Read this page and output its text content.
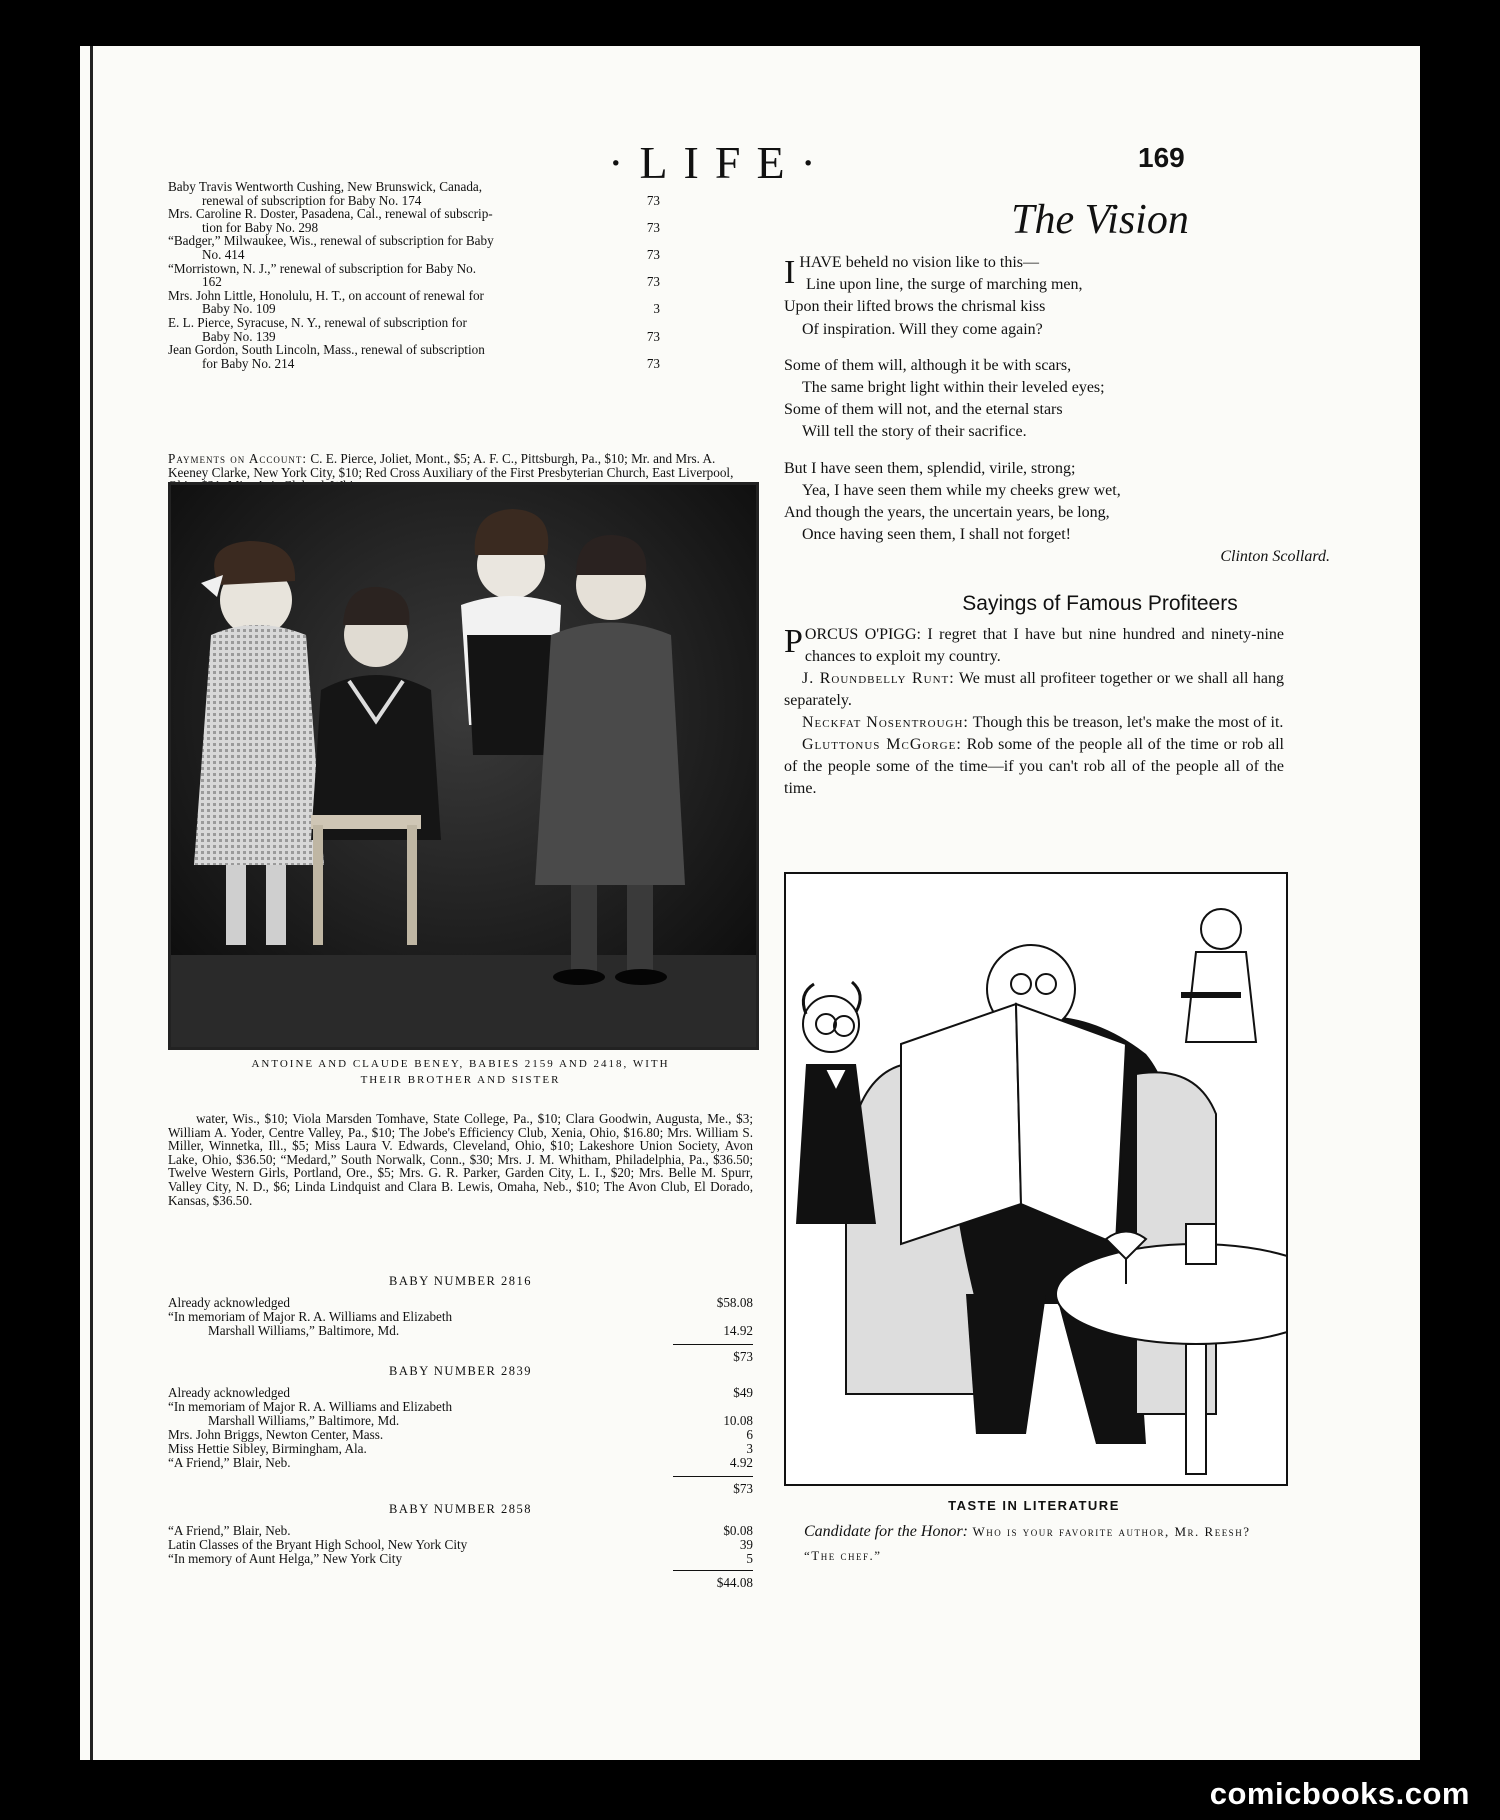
·LIFE·	169
Baby Travis Wentworth Cushing, New Brunswick, Canada,
renewal of subscription for Baby No. 174	73
Mrs. Caroline R. Doster, Pasadena, Cal., renewal of subscrip-
tion for Baby No. 298	73
“Badger,” Milwaukee, Wis., renewal of subscription for Baby
No. 414	73
“Morristown, N. J.,” renewal of subscription for Baby No.
162	73
Mrs. John Little, Honolulu, H. T., on account of renewal for
Baby No. 109	3
E. L. Pierce, Syracuse, N. Y., renewal of subscription for
Baby No. 139	73
Jean Gordon, South Lincoln, Mass., renewal of subscription
for Baby No. 214	73
Payments on Account: C. E. Pierce, Joliet, Mont., $5; A. F. C., Pittsburgh, Pa., $10; Mr. and Mrs. A. Keeney Clarke, New York City, $10; Red Cross Auxiliary of the First Presbyterian Church, East Liverpool,
ANTOINE AND CLAUDE BENEY, BABIES 2159 AND 2418, WITH
THEIR BROTHER AND SISTER
water, Wis., $10; Viola Marsden Tomhave, State College, Pa., $10; Clara Goodwin, Augusta, Me., $3; William A. Yoder, Centre Valley, Pa., $10; The Jobe's Efficiency Club, Xenia, Ohio, $16.80; Mrs. William S. Miller, Winnetka, Ill., $5; Miss Laura V. Edwards, Cleveland, Ohio, $10; Lakeshore Union Society, Avon Lake, Ohio, $36.50; “Medard,” South Norwalk, Conn., $30; Mrs. J. M. Whitham, Philadelphia, Pa., $36.50; Twelve Western Girls, Portland, Ore., $5; Mrs. G. R. Parker, Garden City, L. I., $20; Mrs. Belle M. Spurr, Valley City, N. D., $6; Linda Lindquist and Clara B. Lewis, Omaha, Neb., $10; The Avon Club, El Dorado, Kansas, $36.50.
BABY NUMBER 2816
Already acknowledged	$58.08
“In memoriam of Major R. A. Williams and Elizabeth
Marshall Williams,” Baltimore, Md.	14.92
$73
BABY NUMBER 2839
Already acknowledged	$49
“In memoriam of Major R. A. Williams and Elizabeth
Marshall Williams,” Baltimore, Md.	10.08
Mrs. John Briggs, Newton Center, Mass.	6
Miss Hettie Sibley, Birmingham, Ala.	3
“A Friend,” Blair, Neb.	4.92
$73
BABY NUMBER 2858
“A Friend,” Blair, Neb.	$0.08
Latin Classes of the Bryant High School, New York City	39
“In memory of Aunt Helga,” New York City	5
$44.08
The Vision
IHAVE beheld no vision like to this—
Line upon line, the surge of marching men,
Upon their lifted brows the chrismal kiss
Of inspiration. Will they come again?
Some of them will, although it be with scars,
The same bright light within their leveled eyes;
Some of them will not, and the eternal stars
Will tell the story of their sacrifice.
But I have seen them, splendid, virile, strong;
Yea, I have seen them while my cheeks grew wet,
And though the years, the uncertain years, be long,
Once having seen them, I shall not forget!
Clinton Scollard.
Sayings of Famous Profiteers

PORCUS O'PIGG: I regret that I have but nine hundred and ninety-nine chances to exploit my country.

J. Roundbelly Runt: We must all profiteer together or we shall all hang separately.

Neckfat Nosentrough: Though this be treason, let's make the most of it.

Gluttonus McGorge: Rob some of the people all of the time or rob all of the people some of the time—if you can't rob all of the people all of the time.

TASTE IN LITERATURE
Candidate for the Honor: Who is your favorite author, Mr. Reesh?
“The chef.”
comicbooks.com
